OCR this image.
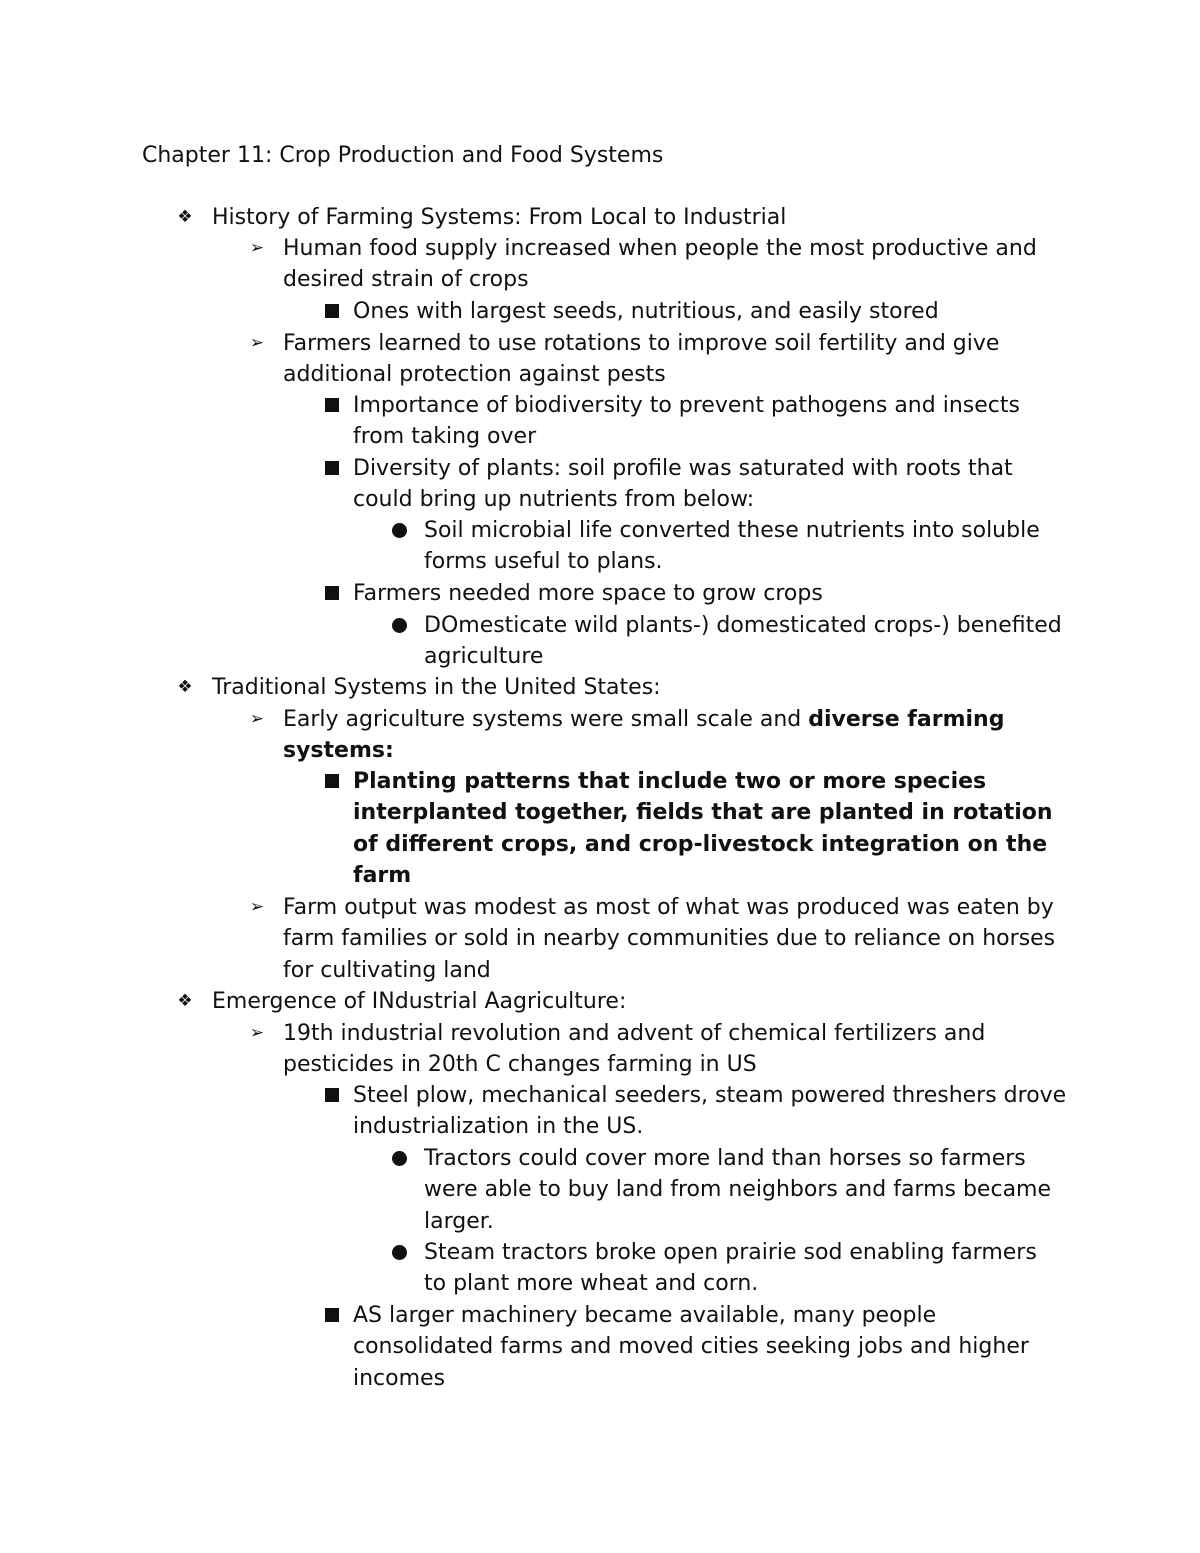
Chapter 11: Crop Production and Food Systems
❖ History of Farming Systems: From Local to Industrial
➢ Human food supply increased when people the most productive and desired strain of crops
Ones with largest seeds, nutritious, and easily stored
➢ Farmers learned to use rotations to improve soil fertility and give additional protection against pests
Importance of biodiversity to prevent pathogens and insects from taking over
Diversity of plants: soil profile was saturated with roots that could bring up nutrients from below:
Soil microbial life converted these nutrients into soluble forms useful to plans.
Farmers needed more space to grow crops
DOmesticate wild plants-) domesticated crops-) benefited agriculture
❖ Traditional Systems in the United States:
➢ Early agriculture systems were small scale and diverse farming systems:
Planting patterns that include two or more species interplanted together, fields that are planted in rotation of different crops, and crop-livestock integration on the farm
➢ Farm output was modest as most of what was produced was eaten by farm families or sold in nearby communities due to reliance on horses for cultivating land
❖ Emergence of INdustrial Aagriculture:
➢ 19th industrial revolution and advent of chemical fertilizers and pesticides in 20th C changes farming in US
Steel plow, mechanical seeders, steam powered threshers drove industrialization in the US.
Tractors could cover more land than horses so farmers were able to buy land from neighbors and farms became larger.
Steam tractors broke open prairie sod enabling farmers to plant more wheat and corn.
AS larger machinery became available, many people consolidated farms and moved cities seeking jobs and higher incomes
